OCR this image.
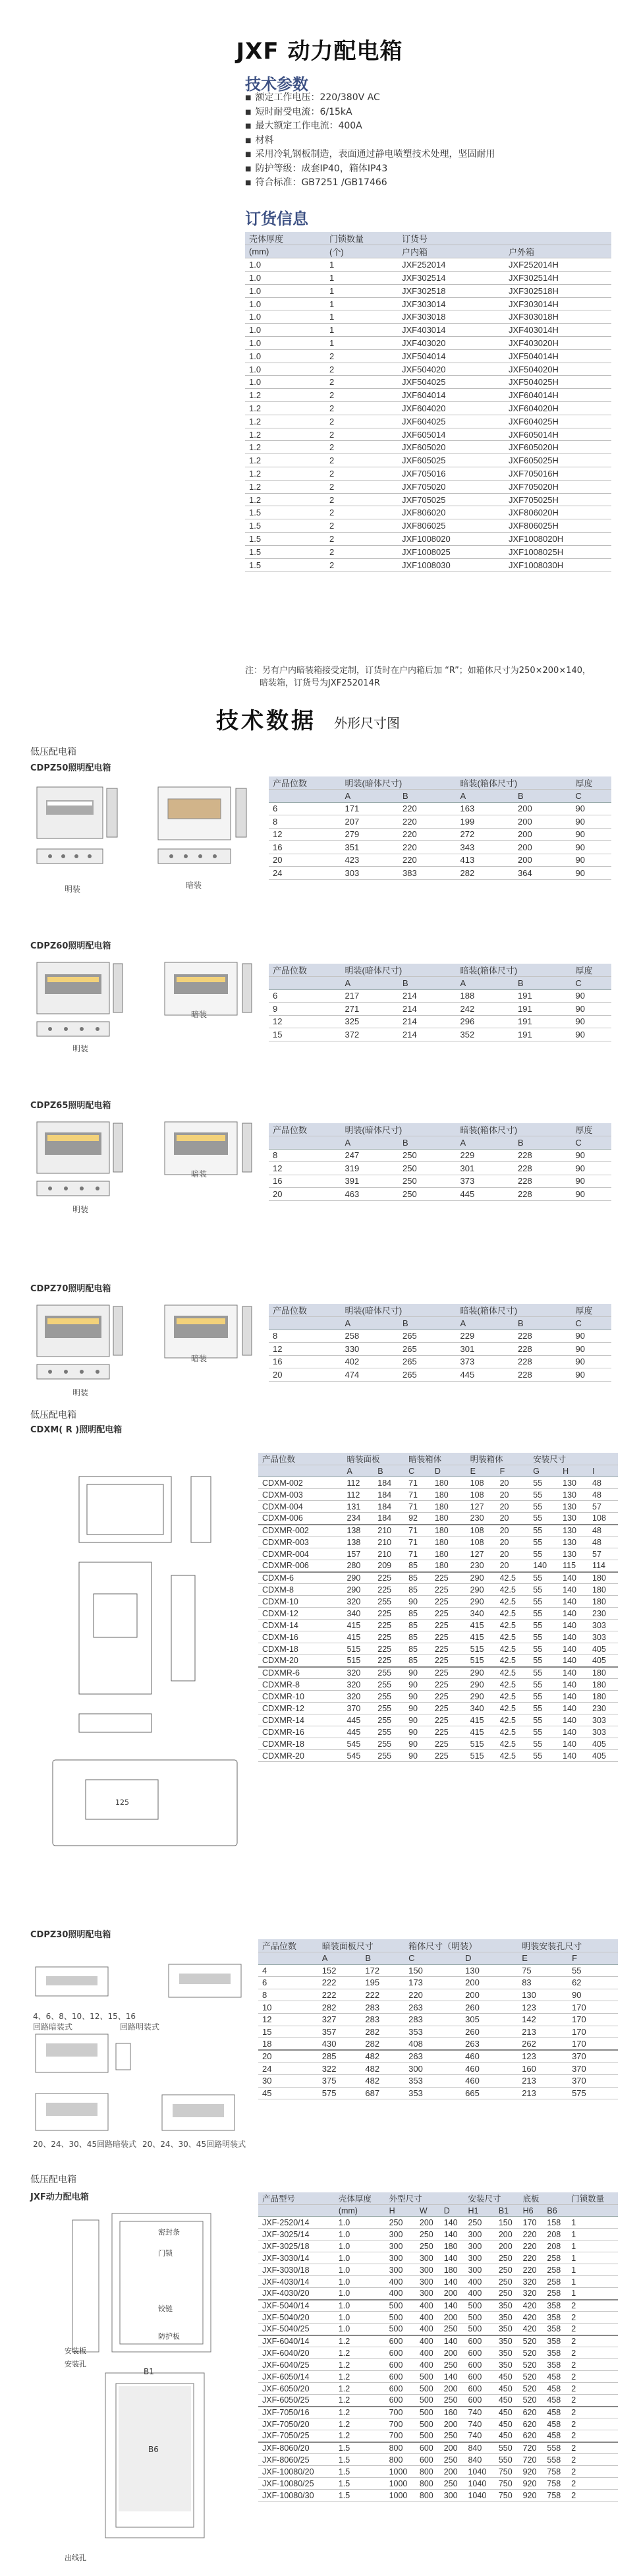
JXF 动力配电箱
技术参数
■ 额定工作电压：220/380V AC
■ 短时耐受电流：6/15kA
■ 最大额定工作电流：400A
■ 材料
■ 采用冷轧钢板制造，表面通过静电喷塑技术处理，坚固耐用
■ 防护等级：成套IP40，箱体IP43
■ 符合标准：GB7251 /GB17466
订货信息
壳体厚度	门锁数量	订货号	
(mm)	(个)	户内箱	户外箱
1.0	1	JXF252014	JXF252014H
1.0	1	JXF302514	JXF302514H
1.0	1	JXF302518	JXF302518H
1.0	1	JXF303014	JXF303014H
1.0	1	JXF303018	JXF303018H
1.0	1	JXF403014	JXF403014H
1.0	1	JXF403020	JXF403020H
1.0	2	JXF504014	JXF504014H
1.0	2	JXF504020	JXF504020H
1.0	2	JXF504025	JXF504025H
1.2	2	JXF604014	JXF604014H
1.2	2	JXF604020	JXF604020H
1.2	2	JXF604025	JXF604025H
1.2	2	JXF605014	JXF605014H
1.2	2	JXF605020	JXF605020H
1.2	2	JXF605025	JXF605025H
1.2	2	JXF705016	JXF705016H
1.2	2	JXF705020	JXF705020H
1.2	2	JXF705025	JXF705025H
1.5	2	JXF806020	JXF806020H
1.5	2	JXF806025	JXF806025H
1.5	2	JXF1008020	JXF1008020H
1.5	2	JXF1008025	JXF1008025H
1.5	2	JXF1008030	JXF1008030H
注：另有户内暗装箱接受定制，订货时在户内箱后加 “R”；如箱体尺寸为250×200×140，
暗装箱，订货号为JXF252014R
技术数据 外形尺寸图
低压配电箱
CDPZ50照明配电箱
明装	暗装
产品位数	明装(暗体尺寸)		暗装(箱体尺寸)		厚度
	A	B	A	B	C
6	171	220	163	200	90
8	207	220	199	200	90
12	279	220	272	200	90
16	351	220	343	200	90
20	423	220	413	200	90
24	303	383	282	364	90
CDPZ60照明配电箱
明装
暗装
产品位数	明装(暗体尺寸)		暗装(箱体尺寸)		厚度
	A	B	A	B	C
6	217	214	188	191	90
9	271	214	242	191	90
12	325	214	296	191	90
15	372	214	352	191	90
CDPZ65照明配电箱
明装
暗装
产品位数	明装(暗体尺寸)		暗装(箱体尺寸)		厚度
	A	B	A	B	C
8	247	250	229	228	90
12	319	250	301	228	90
16	391	250	373	228	90
20	463	250	445	228	90
CDPZ70照明配电箱
明装
暗装
产品位数	明装(暗体尺寸)		暗装(箱体尺寸)		厚度
	A	B	A	B	C
8	258	265	229	228	90
12	330	265	301	228	90
16	402	265	373	228	90
20	474	265	445	228	90
低压配电箱
CDXM( R )照明配电箱
125
产品位数	暗装面板		暗装箱体		明装箱体		安装尺寸		
	A	B	C	D	E	F	G	H	I
CDXM-002	112	184	71	180	108	20	55	130	48
CDXM-003	112	184	71	180	108	20	55	130	48
CDXM-004	131	184	71	180	127	20	55	130	57
CDXM-006	234	184	92	180	230	20	55	130	108
CDXMR-002	138	210	71	180	108	20	55	130	48
CDXMR-003	138	210	71	180	108	20	55	130	48
CDXMR-004	157	210	71	180	127	20	55	130	57
CDXMR-006	280	209	85	180	230	20	140	115	114
CDXM-6	290	225	85	225	290	42.5	55	140	180
CDXM-8	290	225	85	225	290	42.5	55	140	180
CDXM-10	320	255	90	225	290	42.5	55	140	180
CDXM-12	340	225	85	225	340	42.5	55	140	230
CDXM-14	415	225	85	225	415	42.5	55	140	303
CDXM-16	415	225	85	225	415	42.5	55	140	303
CDXM-18	515	225	85	225	515	42.5	55	140	405
CDXM-20	515	225	85	225	515	42.5	55	140	405
CDXMR-6	320	255	90	225	290	42.5	55	140	180
CDXMR-8	320	255	90	225	290	42.5	55	140	180
CDXMR-10	320	255	90	225	290	42.5	55	140	180
CDXMR-12	370	255	90	225	340	42.5	55	140	230
CDXMR-14	445	255	90	225	415	42.5	55	140	303
CDXMR-16	445	255	90	225	415	42.5	55	140	303
CDXMR-18	545	255	90	225	515	42.5	55	140	405
CDXMR-20	545	255	90	225	515	42.5	55	140	405
CDPZ30照明配电箱
4、6、8、10、12、15、16
回路暗装式	回路明装式
20、24、30、45回路暗装式 20、24、30、45回路明装式
产品位数	暗装面板尺寸		箱体尺寸（明装）		明装安装孔尺寸	
	A	B	C	D	E	F
4	152	172	150	130	75	55
6	222	195	173	200	83	62
8	222	222	220	200	130	90
10	282	283	263	260	123	170
12	327	283	283	305	142	170
15	357	282	353	260	213	170
18	430	282	408	263	262	170
20	285	482	263	460	123	370
24	322	482	300	460	160	370
30	375	482	353	460	213	370
45	575	687	353	665	213	575
低压配电箱
JXF动力配电箱
B6
B1
密封条
门锁
铰链
防护板
安装板
安装孔
出线孔
产品型号	壳体厚度	外型尺寸			安装尺寸		底板		门锁数量
	(mm)	H	W	D	H1	B1	H6	B6	
JXF-2520/14	1.0	250	200	140	250	150	170	158	1
JXF-3025/14	1.0	300	250	140	300	200	220	208	1
JXF-3025/18	1.0	300	250	180	300	200	220	208	1
JXF-3030/14	1.0	300	300	140	300	250	220	258	1
JXF-3030/18	1.0	300	300	180	300	250	220	258	1
JXF-4030/14	1.0	400	300	140	400	250	320	258	1
JXF-4030/20	1.0	400	300	200	400	250	320	258	1
JXF-5040/14	1.0	500	400	140	500	350	420	358	2
JXF-5040/20	1.0	500	400	200	500	350	420	358	2
JXF-5040/25	1.0	500	400	250	500	350	420	358	2
JXF-6040/14	1.2	600	400	140	600	350	520	358	2
JXF-6040/20	1.2	600	400	200	600	350	520	358	2
JXF-6040/25	1.2	600	400	250	600	350	520	358	2
JXF-6050/14	1.2	600	500	140	600	450	520	458	2
JXF-6050/20	1.2	600	500	200	600	450	520	458	2
JXF-6050/25	1.2	600	500	250	600	450	520	458	2
JXF-7050/16	1.2	700	500	160	740	450	620	458	2
JXF-7050/20	1.2	700	500	200	740	450	620	458	2
JXF-7050/25	1.2	700	500	250	740	450	620	458	2
JXF-8060/20	1.5	800	600	200	840	550	720	558	2
JXF-8060/25	1.5	800	600	250	840	550	720	558	2
JXF-10080/20	1.5	1000	800	200	1040	750	920	758	2
JXF-10080/25	1.5	1000	800	250	1040	750	920	758	2
JXF-10080/30	1.5	1000	800	300	1040	750	920	758	2
